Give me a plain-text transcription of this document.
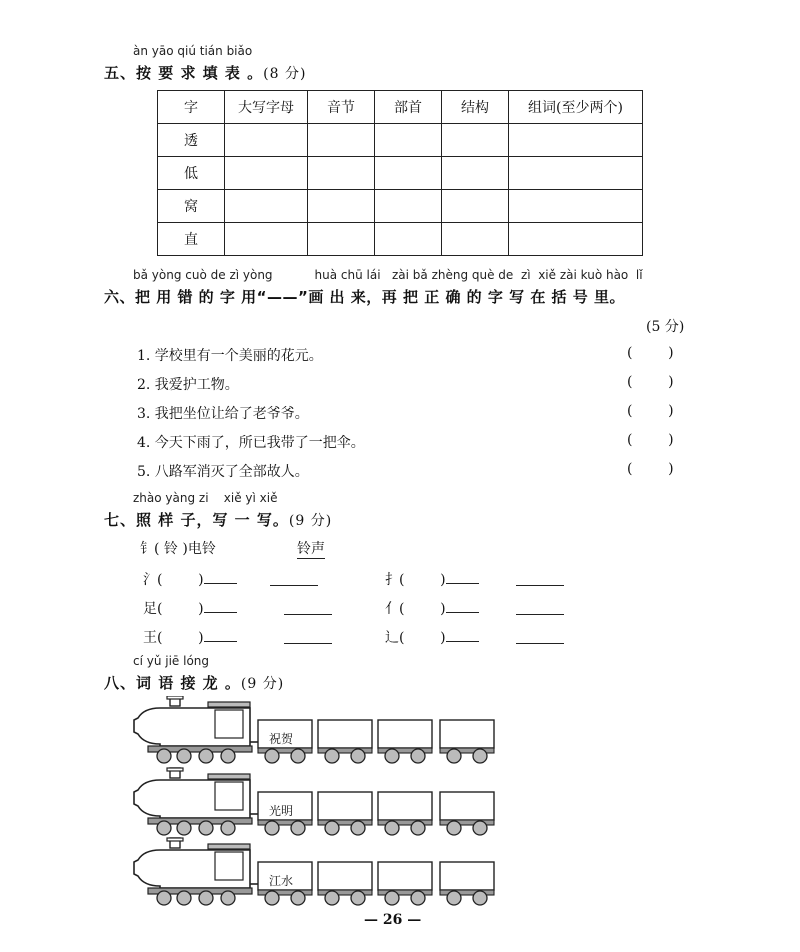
àn yāo qiú tián biǎo
五、按 要 求 填 表 。(8 分)
字	大写字母	音节	部首	结构	组词(至少两个)
透					
低					
窝					
直					
bǎ yòng cuò de zì yòng           huà chū lái   zài bǎ zhèng què de  zì  xiě zài kuò hào  lǐ
六、把 用 错 的 字 用“——”画 出 来，再 把 正 确 的 字 写 在 括 号 里。
(5 分)
1. 学校里有一个美丽的花元。	(        )
2. 我爱护工物。	(        )
3. 我把坐位让给了老爷爷。	(        )
4. 今天下雨了，所已我带了一把伞。	(        )
5. 八路军消灭了全部故人。	(        )
zhào yàng zi    xiě yì xiě
七、照 样 子，写 一 写。(9 分)
钅( 铃 )电铃	铃声
氵(        )	扌(        )
足(        )	亻(        )
王(        )	辶(        )
cí yǔ jiē lóng
八、词 语 接 龙 。(9 分)
祝贺
光明
江水
— 26 —
